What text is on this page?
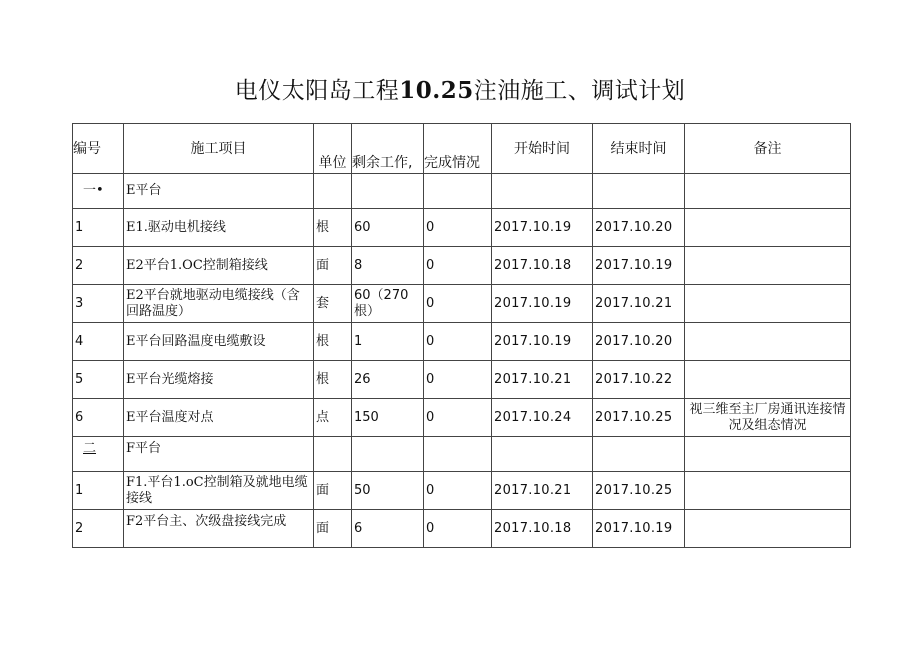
电仪太阳岛工程10.25注油施工、调试计划
编号	施工项目	单位	剩余工作,	完成情况	开始时间	结束时间	备注
一•	E平台						
1	E1.驱动电机接线	根	60	0	2017.10.19	2017.10.20	
2	E2平台1.OC控制箱接线	面	8	0	2017.10.18	2017.10.19	
3	E2平台就地驱动电缆接线（含回路温度）	套	60（270根）	0	2017.10.19	2017.10.21	
4	E平台回路温度电缆敷设	根	1	0	2017.10.19	2017.10.20	
5	E平台光缆熔接	根	26	0	2017.10.21	2017.10.22	
6	E平台温度对点	点	150	0	2017.10.24	2017.10.25	视三维至主厂房通讯连接情况及组态情况
二	F平台						
1	F1.平台1.oC控制箱及就地电缆接线	面	50	0	2017.10.21	2017.10.25	
2	F2平台主、次级盘接线完成	面	6	0	2017.10.18	2017.10.19	
